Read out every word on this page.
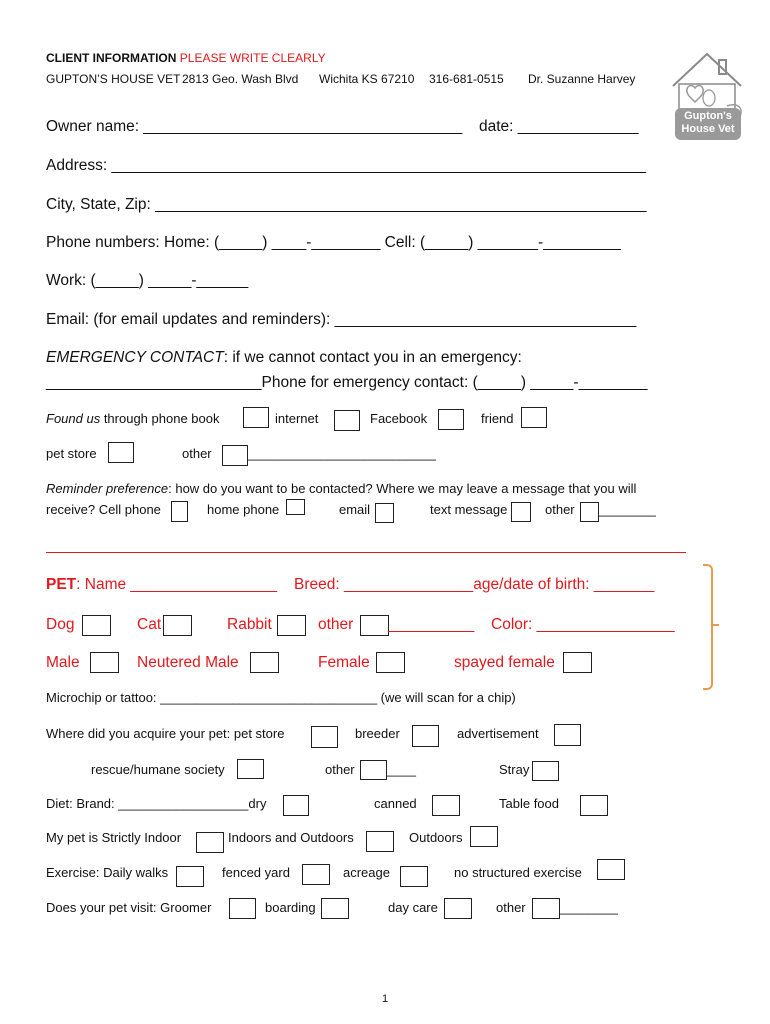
CLIENT INFORMATION PLEASE WRITE CLEARLY
GUPTON’S HOUSE VET 2813 Geo. Wash Blvd Wichita KS 67210 316-681-0515 Dr. Suzanne Harvey
Gupton's House Vet
Owner name: _____________________________________ date: ______________
Address: ______________________________________________________________
City, State, Zip: _________________________________________________________
Phone numbers: Home: (_____) ____-________ Cell: (_____) _______-_________
Work: (_____) _____-______
Email: (for email updates and reminders): ___________________________________
EMERGENCY CONTACT: if we cannot contact you in an emergency:
_________________________Phone for emergency contact: (_____) _____-________
Found us through phone book	internet	Facebook	friend
pet store	other	__________________________
Reminder preference: how do you want to be contacted? Where we may leave a message that you will
receive? Cell phone	home phone	email	text message	other ________
PET: Name _________________ Breed: _______________age/date of birth: _______
Dog	Cat	Rabbit	other __________ Color: ________________
Male	Neutered Male	Female	spayed female
Microchip or tattoo: ______________________________ (we will scan for a chip)
Where did you acquire your pet: pet store	breeder	advertisement
rescue/humane society	other ____	Stray
Diet: Brand: __________________dry	canned	Table food
My pet is Strictly Indoor	Indoors and Outdoors	Outdoors
Exercise: Daily walks	fenced yard	acreage	no structured exercise
Does your pet visit: Groomer	boarding	day care	other	________
1
